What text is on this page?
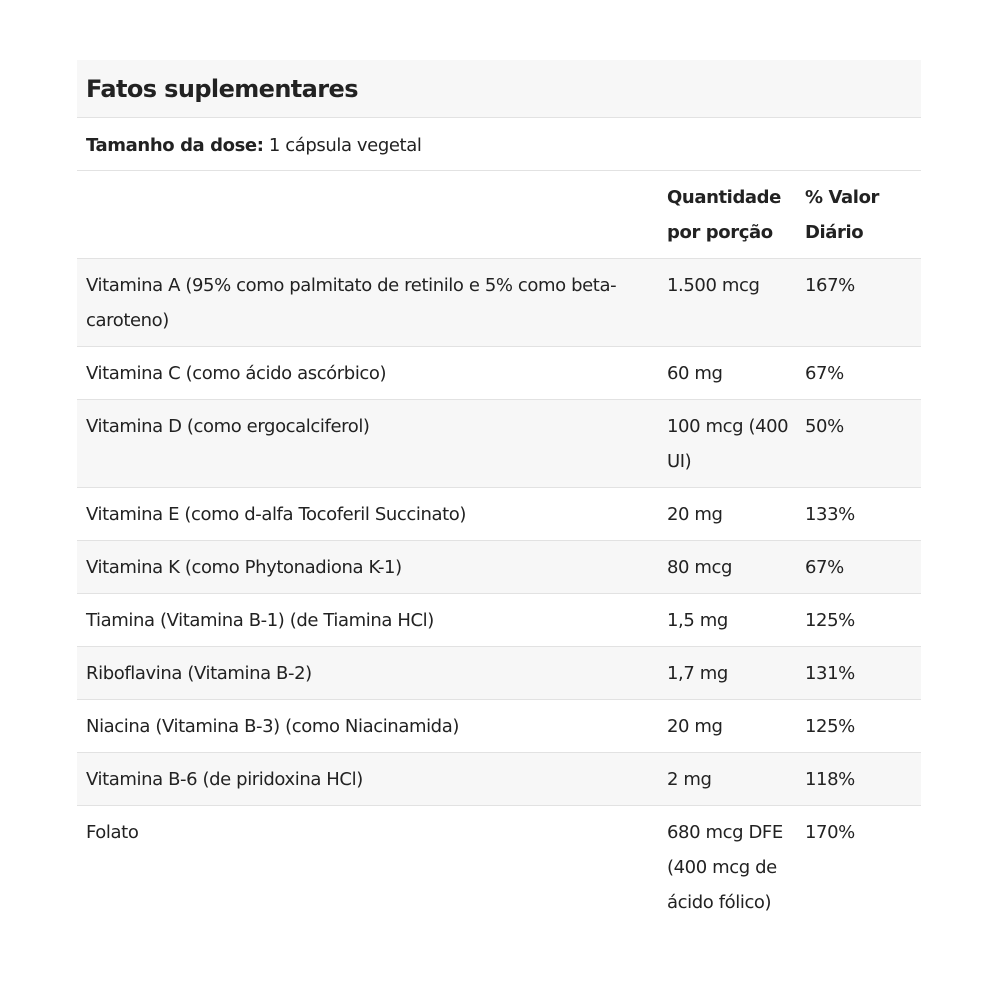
Fatos suplementares
Tamanho da dose: 1 cápsula vegetal
	Quantidade por porção	% Valor Diário
Vitamina A (95% como palmitato de retinilo e 5% como beta-caroteno)	1.500 mcg	167%
Vitamina C (como ácido ascórbico)	60 mg	67%
Vitamina D (como ergocalciferol)	100 mcg (400 UI)	50%
Vitamina E (como d-alfa Tocoferil Succinato)	20 mg	133%
Vitamina K (como Phytonadiona K-1)	80 mcg	67%
Tiamina (Vitamina B-1) (de Tiamina HCl)	1,5 mg	125%
Riboflavina (Vitamina B-2)	1,7 mg	131%
Niacina (Vitamina B-3) (como Niacinamida)	20 mg	125%
Vitamina B-6 (de piridoxina HCl)	2 mg	118%
Folato	680 mcg DFE (400 mcg de ácido fólico)	170%
